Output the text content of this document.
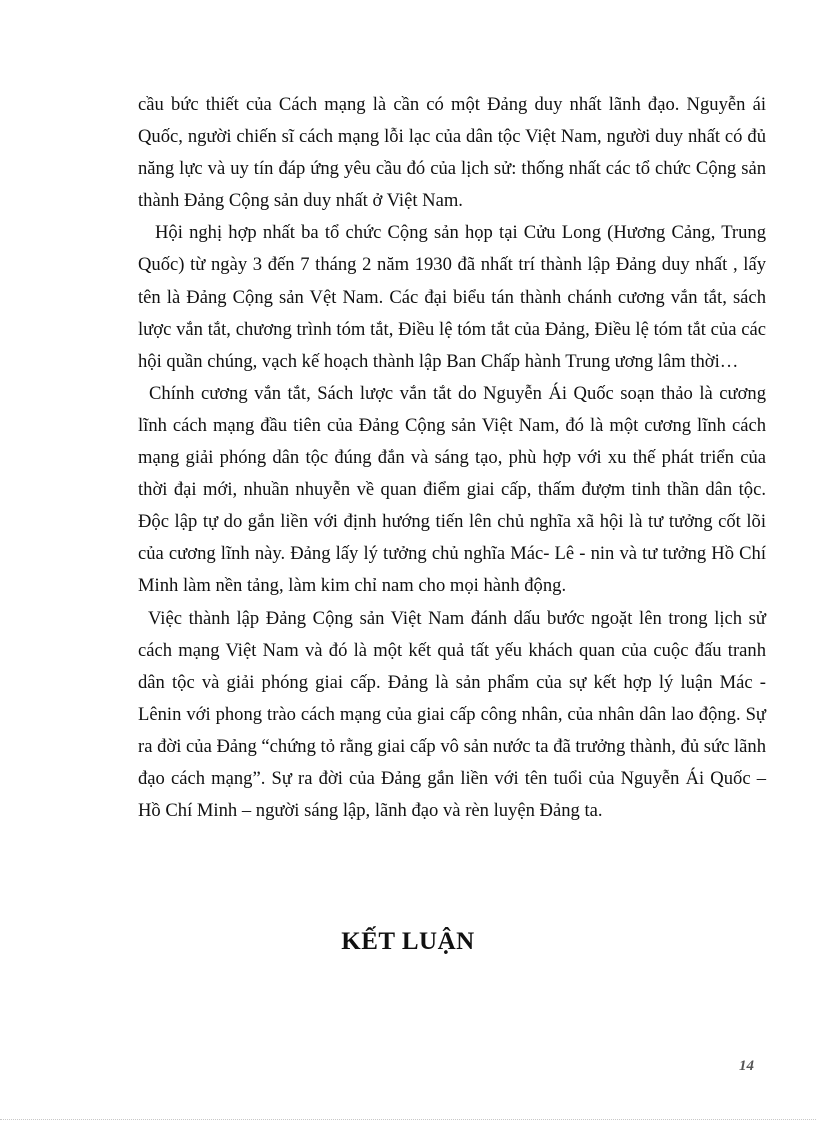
cầu bức thiết của Cách mạng là cần có một Đảng duy nhất lãnh đạo. Nguyễn ái Quốc, người chiến sĩ cách mạng lỗi lạc của dân tộc Việt Nam, người duy nhất có đủ năng lực và uy tín đáp ứng yêu cầu đó của lịch sử: thống nhất các tổ chức Cộng sản thành Đảng Cộng sản duy nhất ở Việt Nam.

Hội nghị hợp nhất ba tổ chức Cộng sản họp tại Cửu Long (Hương Cảng, Trung Quốc) từ ngày 3 đến 7 tháng 2 năm 1930 đã nhất trí thành lập Đảng duy nhất , lấy tên là Đảng Cộng sản Vệt Nam. Các đại biểu tán thành chánh cương vắn tắt, sách lược vắn tắt, chương trình tóm tắt, Điều lệ tóm tắt của Đảng, Điều lệ tóm tắt của các hội quần chúng, vạch kế hoạch thành lập Ban Chấp hành Trung ương lâm thời…

Chính cương vắn tắt, Sách lược vắn tắt do Nguyễn Ái Quốc soạn thảo là cương lĩnh cách mạng đầu tiên của Đảng Cộng sản Việt Nam, đó là một cương lĩnh cách mạng giải phóng dân tộc đúng đắn và sáng tạo, phù hợp với xu thế phát triển của thời đại mới, nhuần nhuyễn về quan điểm giai cấp, thấm đượm tinh thần dân tộc. Độc lập tự do gắn liền với định hướng tiến lên chủ nghĩa xã hội là tư tưởng cốt lõi của cương lĩnh này. Đảng lấy lý tưởng chủ nghĩa Mác- Lê - nin và tư tưởng Hồ Chí Minh làm nền tảng, làm kim chỉ nam cho mọi hành động.

Việc thành lập Đảng Cộng sản Việt Nam đánh dấu bước ngoặt lên trong lịch sử cách mạng Việt Nam và đó là một kết quả tất yếu khách quan của cuộc đấu tranh dân tộc và giải phóng giai cấp. Đảng là sản phẩm của sự kết hợp lý luận Mác - Lênin với phong trào cách mạng của giai cấp công nhân, của nhân dân lao động. Sự ra đời của Đảng “chứng tỏ rằng giai cấp vô sản nước ta đã trưởng thành, đủ sức lãnh đạo cách mạng”. Sự ra đời của Đảng gắn liền với tên tuổi của Nguyễn Ái Quốc – Hồ Chí Minh – người sáng lập, lãnh đạo và rèn luyện Đảng ta.

KẾT LUẬN
14
